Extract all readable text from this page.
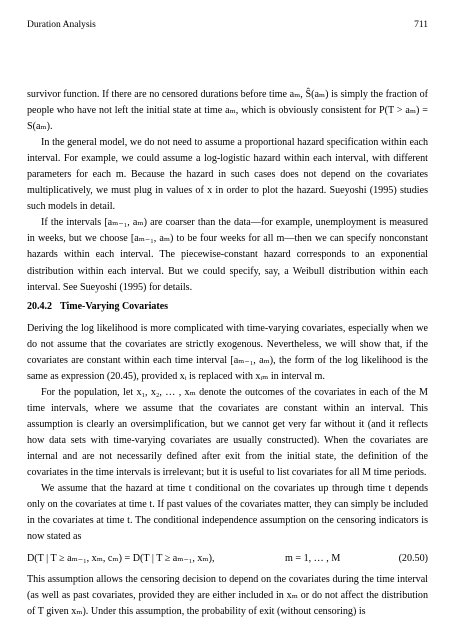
Duration Analysis	711

survivor function. If there are no censored durations before time aₘ, Ŝ(aₘ) is simply the fraction of people who have not left the initial state at time aₘ, which is obviously consistent for P(T > aₘ) = S(aₘ).

In the general model, we do not need to assume a proportional hazard specification within each interval. For example, we could assume a log-logistic hazard within each interval, with different parameters for each m. Because the hazard in such cases does not depend on the covariates multiplicatively, we must plug in values of x in order to plot the hazard. Sueyoshi (1995) studies such models in detail.

If the intervals [aₘ₋₁, aₘ) are coarser than the data—for example, unemployment is measured in weeks, but we choose [aₘ₋₁, aₘ) to be four weeks for all m—then we can specify nonconstant hazards within each interval. The piecewise-constant hazard corresponds to an exponential distribution within each interval. But we could specify, say, a Weibull distribution within each interval. See Sueyoshi (1995) for details.

20.4.2 Time-Varying Covariates

Deriving the log likelihood is more complicated with time-varying covariates, especially when we do not assume that the covariates are strictly exogenous. Nevertheless, we will show that, if the covariates are constant within each time interval [aₘ₋₁, aₘ), the form of the log likelihood is the same as expression (20.45), provided xᵢ is replaced with xᵢₘ in interval m.

For the population, let x₁, x₂, … , xₘ denote the outcomes of the covariates in each of the M time intervals, where we assume that the covariates are constant within an interval. This assumption is clearly an oversimplification, but we cannot get very far without it (and it reflects how data sets with time-varying covariates are usually constructed). When the covariates are internal and are not necessarily defined after exit from the initial state, the definition of the covariates in the time intervals is irrelevant; but it is useful to list covariates for all M time periods.

We assume that the hazard at time t conditional on the covariates up through time t depends only on the covariates at time t. If past values of the covariates matter, they can simply be included in the covariates at time t. The conditional independence assumption on the censoring indicators is now stated as

D(T | T ≥ aₘ₋₁, xₘ, cₘ) = D(T | T ≥ aₘ₋₁, xₘ),	m = 1, … , M	(20.50)

This assumption allows the censoring decision to depend on the covariates during the time interval (as well as past covariates, provided they are either included in xₘ or do not affect the distribution of T given xₘ). Under this assumption, the probability of exit (without censoring) is
